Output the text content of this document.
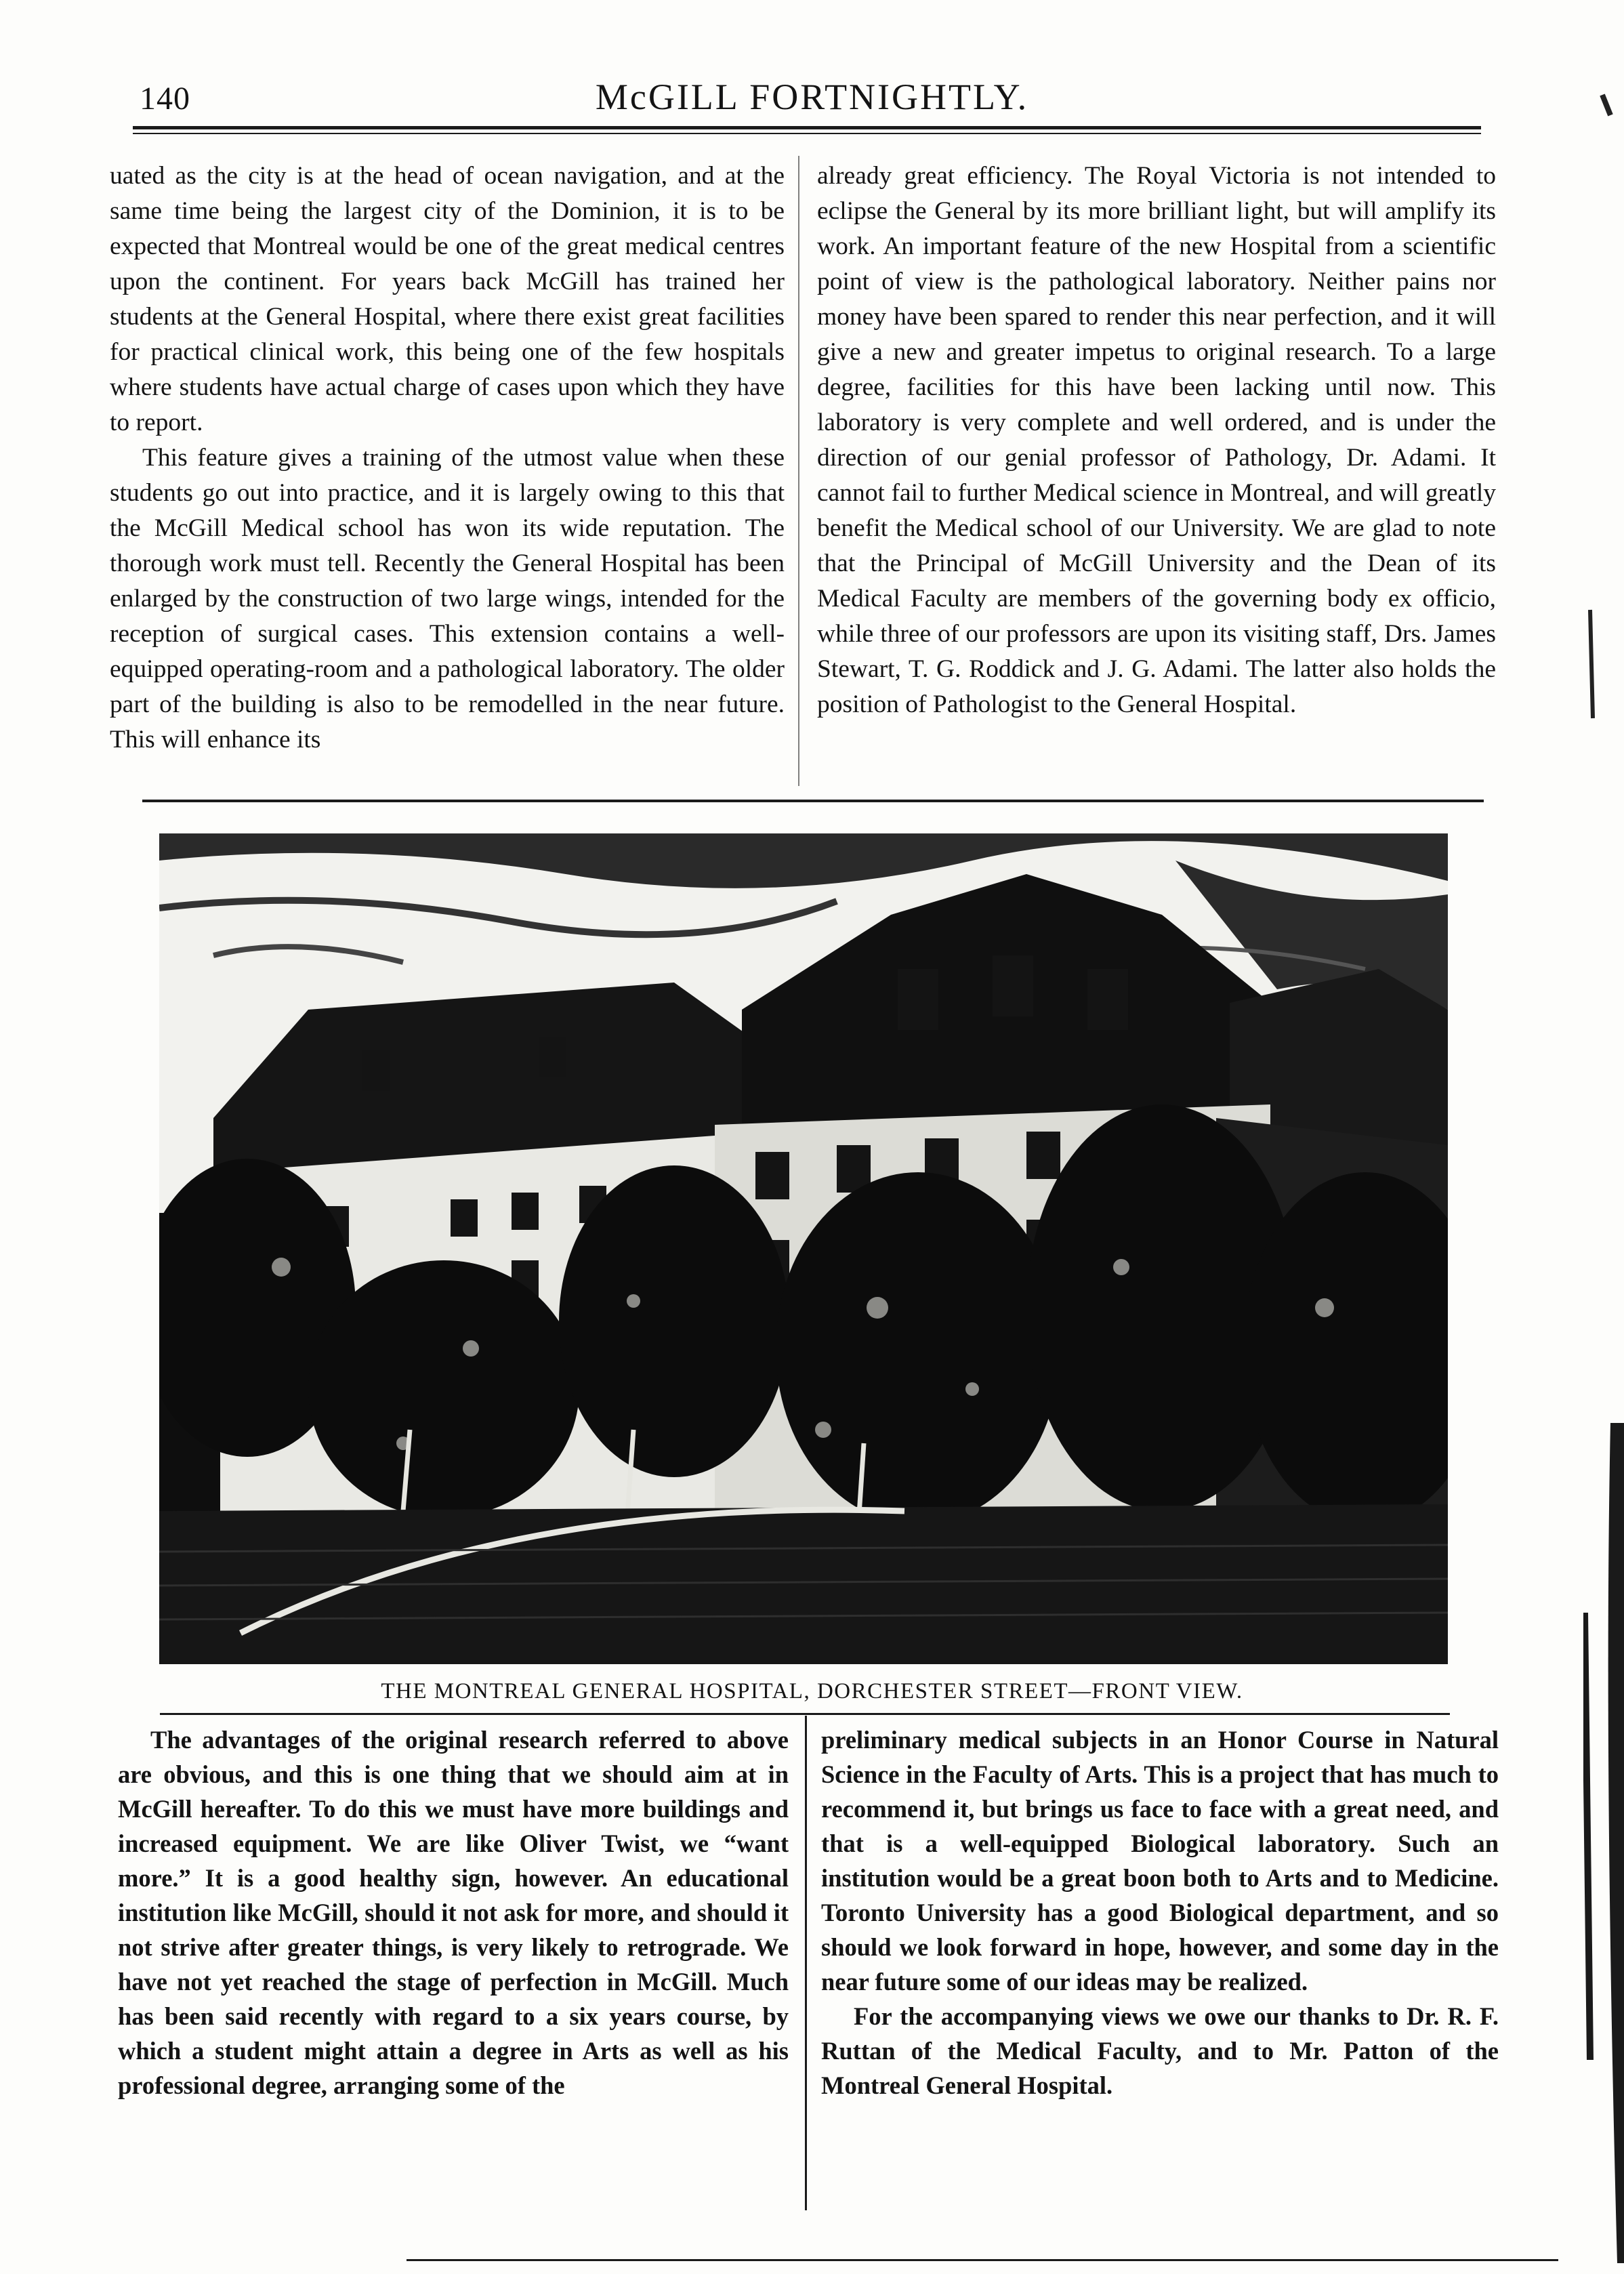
140	McGILL FORTNIGHTLY.

uated as the city is at the head of ocean navigation, and at the same time being the largest city of the Dominion, it is to be expected that Montreal would be one of the great medical centres upon the continent. For years back McGill has trained her students at the General Hospital, where there exist great facilities for practical clinical work, this being one of the few hospitals where students have actual charge of cases upon which they have to report.

This feature gives a training of the utmost value when these students go out into practice, and it is largely owing to this that the McGill Medical school has won its wide reputation. The thorough work must tell. Recently the General Hospital has been enlarged by the construction of two large wings, intended for the reception of surgical cases. This extension contains a well-equipped operating-room and a pathological laboratory. The older part of the building is also to be remodelled in the near future. This will enhance its

already great efficiency. The Royal Victoria is not intended to eclipse the General by its more brilliant light, but will amplify its work. An important feature of the new Hospital from a scientific point of view is the pathological laboratory. Neither pains nor money have been spared to render this near perfection, and it will give a new and greater impetus to original research. To a large degree, facilities for this have been lacking until now. This laboratory is very complete and well ordered, and is under the direction of our genial professor of Pathology, Dr. Adami. It cannot fail to further Medical science in Montreal, and will greatly benefit the Medical school of our University. We are glad to note that the Principal of McGill University and the Dean of its Medical Faculty are members of the governing body ex officio, while three of our professors are upon its visiting staff, Drs. James Stewart, T. G. Roddick and J. G. Adami. The latter also holds the position of Pathologist to the General Hospital.

THE MONTREAL GENERAL HOSPITAL, DORCHESTER STREET—FRONT VIEW.

The advantages of the original research referred to above are obvious, and this is one thing that we should aim at in McGill hereafter. To do this we must have more buildings and increased equipment. We are like Oliver Twist, we “want more.” It is a good healthy sign, however. An educational institution like McGill, should it not ask for more, and should it not strive after greater things, is very likely to retrograde. We have not yet reached the stage of perfection in McGill. Much has been said recently with regard to a six years course, by which a student might attain a degree in Arts as well as his professional degree, arranging some of the

preliminary medical subjects in an Honor Course in Natural Science in the Faculty of Arts. This is a project that has much to recommend it, but brings us face to face with a great need, and that is a well-equipped Biological laboratory. Such an institution would be a great boon both to Arts and to Medicine. Toronto University has a good Biological department, and so should we look forward in hope, however, and some day in the near future some of our ideas may be realized.

For the accompanying views we owe our thanks to Dr. R. F. Ruttan of the Medical Faculty, and to Mr. Patton of the Montreal General Hospital.
